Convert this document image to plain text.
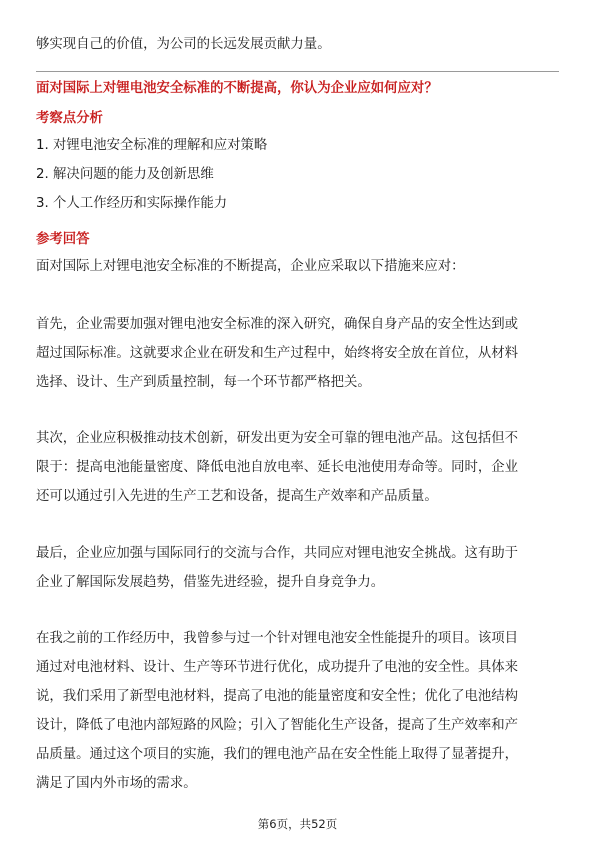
够实现自己的价值，为公司的长远发展贡献力量。
面对国际上对锂电池安全标准的不断提高，你认为企业应如何应对？
考察点分析
1. 对锂电池安全标准的理解和应对策略
2. 解决问题的能力及创新思维
3. 个人工作经历和实际操作能力
参考回答
面对国际上对锂电池安全标准的不断提高，企业应采取以下措施来应对：
首先，企业需要加强对锂电池安全标准的深入研究，确保自身产品的安全性达到或
超过国际标准。这就要求企业在研发和生产过程中，始终将安全放在首位，从材料
选择、设计、生产到质量控制，每一个环节都严格把关。
其次，企业应积极推动技术创新，研发出更为安全可靠的锂电池产品。这包括但不
限于：提高电池能量密度、降低电池自放电率、延长电池使用寿命等。同时，企业
还可以通过引入先进的生产工艺和设备，提高生产效率和产品质量。
最后，企业应加强与国际同行的交流与合作，共同应对锂电池安全挑战。这有助于
企业了解国际发展趋势，借鉴先进经验，提升自身竞争力。
在我之前的工作经历中，我曾参与过一个针对锂电池安全性能提升的项目。该项目
通过对电池材料、设计、生产等环节进行优化，成功提升了电池的安全性。具体来
说，我们采用了新型电池材料，提高了电池的能量密度和安全性；优化了电池结构
设计，降低了电池内部短路的风险；引入了智能化生产设备，提高了生产效率和产
品质量。通过这个项目的实施，我们的锂电池产品在安全性能上取得了显著提升，
满足了国内外市场的需求。
第6页，共52页
